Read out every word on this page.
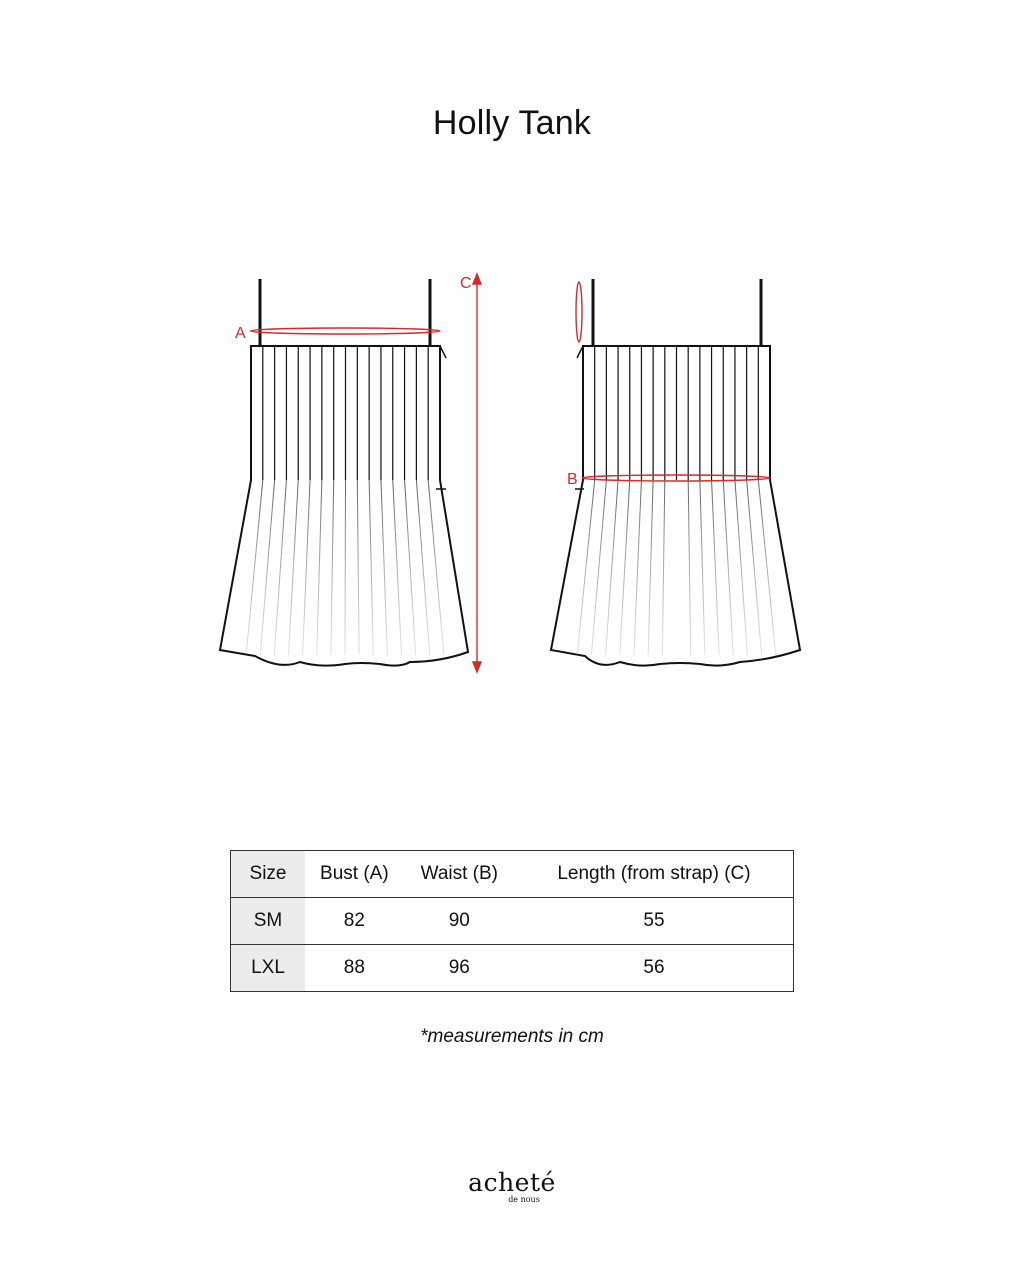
Holly Tank
A
C
B
Size	Bust (A)	Waist (B)	Length (from strap) (C)
SM	82	90	55
LXL	88	96	56
*measurements in cm
acheté
de nous
